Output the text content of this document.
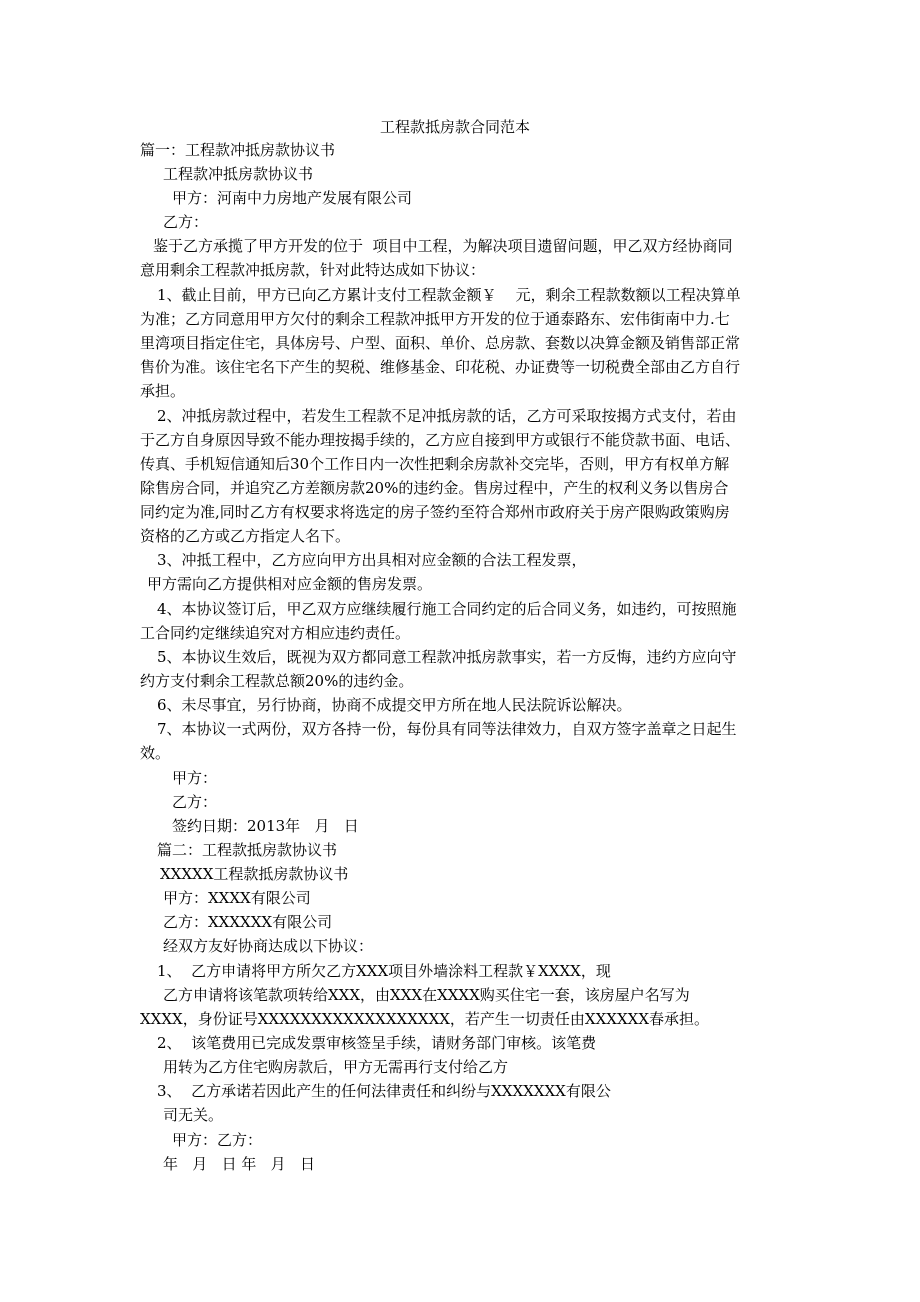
工程款抵房款合同范本
篇一：工程款冲抵房款协议书
工程款冲抵房款协议书
甲方：河南中力房地产发展有限公司
乙方：
鉴于乙方承揽了甲方开发的位于  项目中工程，为解决项目遗留问题，甲乙双方经协商同
意用剩余工程款冲抵房款，针对此特达成如下协议：
1、截止目前，甲方已向乙方累计支付工程款金额￥    元，剩余工程款数额以工程决算单
为准；乙方同意用甲方欠付的剩余工程款冲抵甲方开发的位于通泰路东、宏伟街南中力.七
里湾项目指定住宅，具体房号、户型、面积、单价、总房款、套数以决算金额及销售部正常
售价为准。该住宅名下产生的契税、维修基金、印花税、办证费等一切税费全部由乙方自行
承担。
2、冲抵房款过程中，若发生工程款不足冲抵房款的话，乙方可采取按揭方式支付，若由
于乙方自身原因导致不能办理按揭手续的，乙方应自接到甲方或银行不能贷款书面、电话、
传真、手机短信通知后30个工作日内一次性把剩余房款补交完毕，否则，甲方有权单方解
除售房合同，并追究乙方差额房款20%的违约金。售房过程中，产生的权利义务以售房合
同约定为准,同时乙方有权要求将选定的房子签约至符合郑州市政府关于房产限购政策购房
资格的乙方或乙方指定人名下。
3、冲抵工程中，乙方应向甲方出具相对应金额的合法工程发票，
甲方需向乙方提供相对应金额的售房发票。
4、本协议签订后，甲乙双方应继续履行施工合同约定的后合同义务，如违约，可按照施
工合同约定继续追究对方相应违约责任。
5、本协议生效后，既视为双方都同意工程款冲抵房款事实，若一方反悔，违约方应向守
约方支付剩余工程款总额20%的违约金。
6、未尽事宜，另行协商，协商不成提交甲方所在地人民法院诉讼解决。
7、本协议一式两份，双方各持一份，每份具有同等法律效力，自双方签字盖章之日起生
效。
甲方：
乙方：
签约日期：2013年   月   日
篇二：工程款抵房款协议书
XXXXX工程款抵房款协议书
甲方：XXXX有限公司
乙方：XXXXXX有限公司
经双方友好协商达成以下协议：
1、  乙方申请将甲方所欠乙方XXX项目外墙涂料工程款￥XXXX，现
乙方申请将该笔款项转给XXX，由XXX在XXXX购买住宅一套，该房屋户名写为
XXXX，身份证号XXXXXXXXXXXXXXXXXX，若产生一切责任由XXXXXX春承担。
2、  该笔费用已完成发票审核签呈手续，请财务部门审核。该笔费
用转为乙方住宅购房款后，甲方无需再行支付给乙方
3、  乙方承诺若因此产生的任何法律责任和纠纷与XXXXXXX有限公
司无关。
甲方：乙方：
年   月   日 年   月   日
